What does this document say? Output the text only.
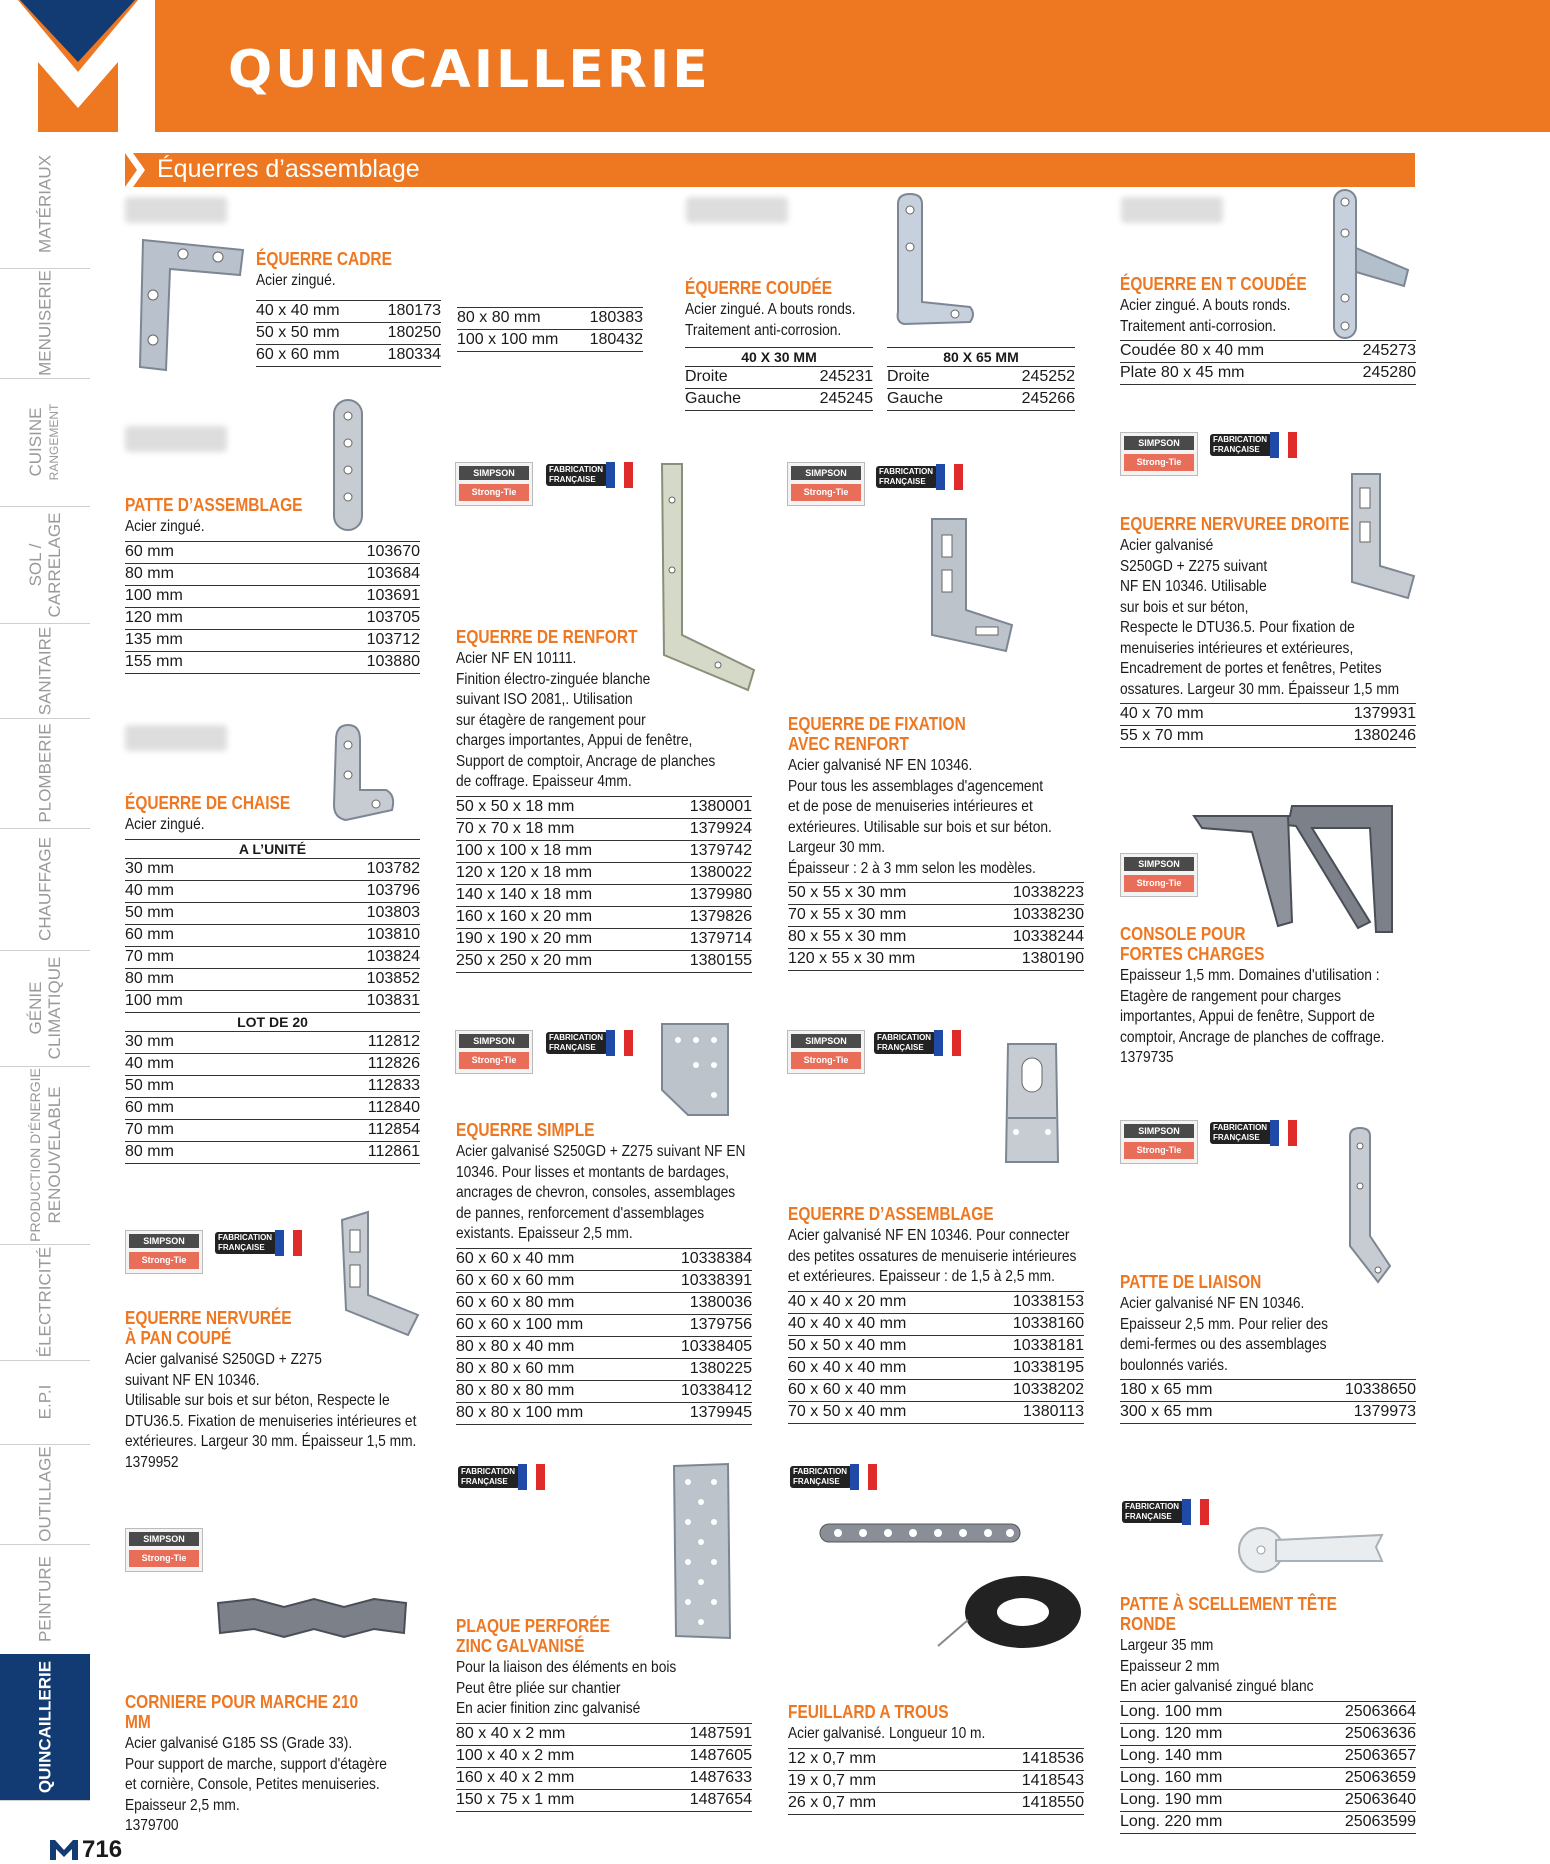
QUINCAILLERIE
Équerres d’assemblage
MATÉRIAUX
MENUISERIE
CUISINE RANGEMENT
SOL / CARRELAGE
SANITAIRE
PLOMBERIE
CHAUFFAGE
GÉNIE CLIMATIQUE
PRODUCTION D'ÉNERGIE RENOUVELABLE
ÉLECTRICITÉ
E.P.I
OUTILLAGE
PEINTURE
QUINCAILLERIE
ÉQUERRE CADRE
Acier zingué.
40 x 40 mm	180173
50 x 50 mm	180250
60 x 60 mm	180334
80 x 80 mm	180383
100 x 100 mm 180432
PATTE D’ASSEMBLAGE
Acier zingué.
60 mm	103670
80 mm	103684
100 mm	103691
120 mm	103705
135 mm	103712
155 mm	103880
ÉQUERRE DE CHAISE
Acier zingué.
A L’UNITÉ
30 mm	103782
40 mm	103796
50 mm	103803
60 mm	103810
70 mm	103824
80 mm	103852
100 mm	103831
LOT DE 20
30 mm	112812
40 mm	112826
50 mm	112833
60 mm	112840
70 mm	112854
80 mm	112861
SIMPSON
Strong-Tie
FABRICATION FRANÇAISE
EQUERRE NERVURÉE
À PAN COUPÉ
Acier galvanisé S250GD + Z275
suivant NF EN 10346.
Utilisable sur bois et sur béton, Respecte le
DTU36.5. Fixation de menuiseries intérieures et
extérieures. Largeur 30 mm. Épaisseur 1,5 mm.
1379952
SIMPSON
Strong-Tie
CORNIERE POUR MARCHE 210 MM
Acier galvanisé G185 SS (Grade 33).
Pour support de marche, support d'étagère
et cornière, Console, Petites menuiseries.
Epaisseur 2,5 mm.
1379700
SIMPSON
Strong-Tie
FABRICATION FRANÇAISE
EQUERRE DE RENFORT
Acier NF EN 10111.
Finition électro-zinguée blanche
suivant ISO 2081,. Utilisation
sur étagère de rangement pour
charges importantes, Appui de fenêtre,
Support de comptoir, Ancrage de planches
de coffrage. Epaisseur 4mm.
50 x 50 x 18 mm	1380001
70 x 70 x 18 mm	1379924
100 x 100 x 18 mm	1379742
120 x 120 x 18 mm	1380022
140 x 140 x 18 mm	1379980
160 x 160 x 20 mm	1379826
190 x 190 x 20 mm	1379714
250 x 250 x 20 mm	1380155
SIMPSON
Strong-Tie
FABRICATION FRANÇAISE
EQUERRE SIMPLE
Acier galvanisé S250GD + Z275 suivant NF EN
10346. Pour lisses et montants de bardages,
ancrages de chevron, consoles, assemblages
de pannes, renforcement d'assemblages
existants. Epaisseur 2,5 mm.
60 x 60 x 40 mm	10338384
60 x 60 x 60 mm	10338391
60 x 60 x 80 mm	1380036
60 x 60 x 100 mm	1379756
80 x 80 x 40 mm	10338405
80 x 80 x 60 mm	1380225
80 x 80 x 80 mm	10338412
80 x 80 x 100 mm	1379945
FABRICATION FRANÇAISE
PLAQUE PERFORÉE
ZINC GALVANISÉ
Pour la liaison des éléments en bois
Peut être pliée sur chantier
En acier finition zinc galvanisé
80 x 40 x 2 mm	1487591
100 x 40 x 2 mm	1487605
160 x 40 x 2 mm	1487633
150 x 75 x 1 mm	1487654
ÉQUERRE COUDÉE
Acier zingué. A bouts ronds.
Traitement anti-corrosion.
40 X 30 MM
Droite	245231
Gauche	245245
80 X 65 MM
Droite	245252
Gauche	245266
SIMPSON
Strong-Tie
FABRICATION FRANÇAISE
EQUERRE DE FIXATION
AVEC RENFORT
Acier galvanisé NF EN 10346.
Pour tous les assemblages d'agencement
et de pose de menuiseries intérieures et
extérieures. Utilisable sur bois et sur béton.
Largeur 30 mm.
Épaisseur : 2 à 3 mm selon les modèles.
50 x 55 x 30 mm	10338223
70 x 55 x 30 mm	10338230
80 x 55 x 30 mm	10338244
120 x 55 x 30 mm	1380190
SIMPSON
Strong-Tie
FABRICATION FRANÇAISE
EQUERRE D’ASSEMBLAGE
Acier galvanisé NF EN 10346. Pour connecter
des petites ossatures de menuiserie intérieures
et extérieures. Epaisseur : de 1,5 à 2,5 mm.
40 x 40 x 20 mm	10338153
40 x 40 x 40 mm	10338160
50 x 50 x 40 mm	10338181
60 x 40 x 40 mm	10338195
60 x 60 x 40 mm	10338202
70 x 50 x 40 mm	1380113
FABRICATION FRANÇAISE
FEUILLARD A TROUS
Acier galvanisé. Longueur 10 m.
12 x 0,7 mm	1418536
19 x 0,7 mm	1418543
26 x 0,7 mm	1418550
ÉQUERRE EN T COUDÉE
Acier zingué. A bouts ronds.
Traitement anti-corrosion.
Coudée 80 x 40 mm	245273
Plate 80 x 45 mm	245280
SIMPSON
Strong-Tie
FABRICATION FRANÇAISE
EQUERRE NERVUREE DROITE
Acier galvanisé
S250GD + Z275 suivant
NF EN 10346. Utilisable
sur bois et sur béton,
Respecte le DTU36.5. Pour fixation de
menuiseries intérieures et extérieures,
Encadrement de portes et fenêtres, Petites
ossatures. Largeur 30 mm. Épaisseur 1,5 mm
40 x 70 mm	1379931
55 x 70 mm	1380246
SIMPSON
Strong-Tie
CONSOLE POUR
FORTES CHARGES
Epaisseur 1,5 mm. Domaines d'utilisation :
Etagère de rangement pour charges
importantes, Appui de fenêtre, Support de
comptoir, Ancrage de planches de coffrage.
1379735
SIMPSON
Strong-Tie
FABRICATION FRANÇAISE
PATTE DE LIAISON
Acier galvanisé NF EN 10346.
Epaisseur 2,5 mm. Pour relier des
demi-fermes ou des assemblages
boulonnés variés.
180 x 65 mm	10338650
300 x 65 mm	1379973
FABRICATION FRANÇAISE
PATTE À SCELLEMENT TÊTE RONDE
Largeur 35 mm
Epaisseur 2 mm
En acier galvanisé zingué blanc
Long. 100 mm	25063664
Long. 120 mm	25063636
Long. 140 mm	25063657
Long. 160 mm	25063659
Long. 190 mm	25063640
Long. 220 mm	25063599
716
